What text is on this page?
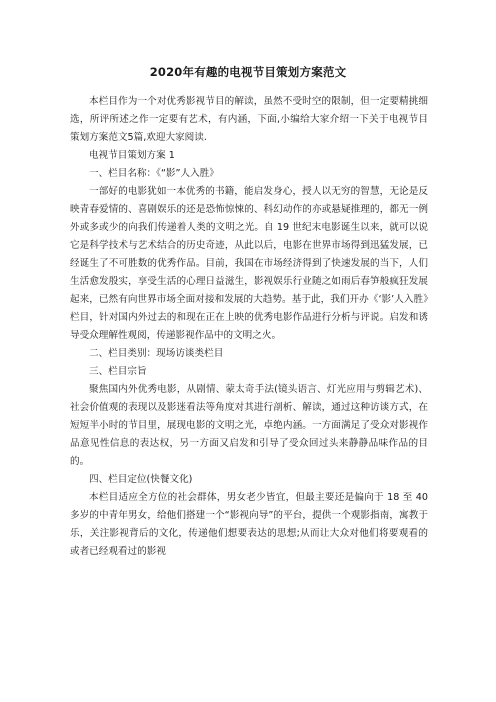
2020年有趣的电视节目策划方案范文

本栏目作为一个对优秀影视节目的解读，虽然不受时空的限制，但一定要精挑细选，所评所述之作一定要有艺术，有内涵，下面,小编给大家介绍一下关于电视节目策划方案范文5篇,欢迎大家阅读.

电视节目策划方案 1

一、栏目名称：《“影”人入胜》

一部好的电影犹如一本优秀的书籍，能启发身心，授人以无穷的智慧，无论是反映青春爱情的、喜剧娱乐的还是恐怖惊悚的、科幻动作的亦或悬疑推理的，都无一例外或多或少的向我们传递着人类的文明之光。自 19 世纪末电影诞生以来，就可以说它是科学技术与艺术结合的历史奇迹，从此以后，电影在世界市场得到迅猛发展，已经诞生了不可胜数的优秀作品。目前，我国在市场经济得到了快速发展的当下，人们生活愈发殷实，享受生活的心理日益滋生，影视娱乐行业随之如雨后春笋般疯狂发展起来，已然有向世界市场全面对接和发展的大趋势。基于此，我们开办《‘影’人入胜》栏目，针对国内外过去的和现在正在上映的优秀电影作品进行分析与评说。启发和诱导受众理解性观阅，传递影视作品中的文明之火。

二、栏目类别：现场访谈类栏目

三、栏目宗旨

聚焦国内外优秀电影，从剧情、蒙太奇手法(镜头语言、灯光应用与剪辑艺术)、社会价值观的表现以及影迷看法等角度对其进行剖析、解读，通过这种访谈方式，在短短半小时的节目里，展现电影的文明之光，卓绝内涵。一方面满足了受众对影视作品意见性信息的表达权，另一方面又启发和引导了受众回过头来静静品味作品的目的。

四、栏目定位(快餐文化)

本栏目适应全方位的社会群体，男女老少皆宜，但最主要还是偏向于 18 至 40 多岁的中青年男女，给他们搭建一个“影视向导”的平台，提供一个观影指南，寓教于乐，关注影视背后的文化，传递他们想要表达的思想;从而让大众对他们将要观看的或者已经观看过的影视
